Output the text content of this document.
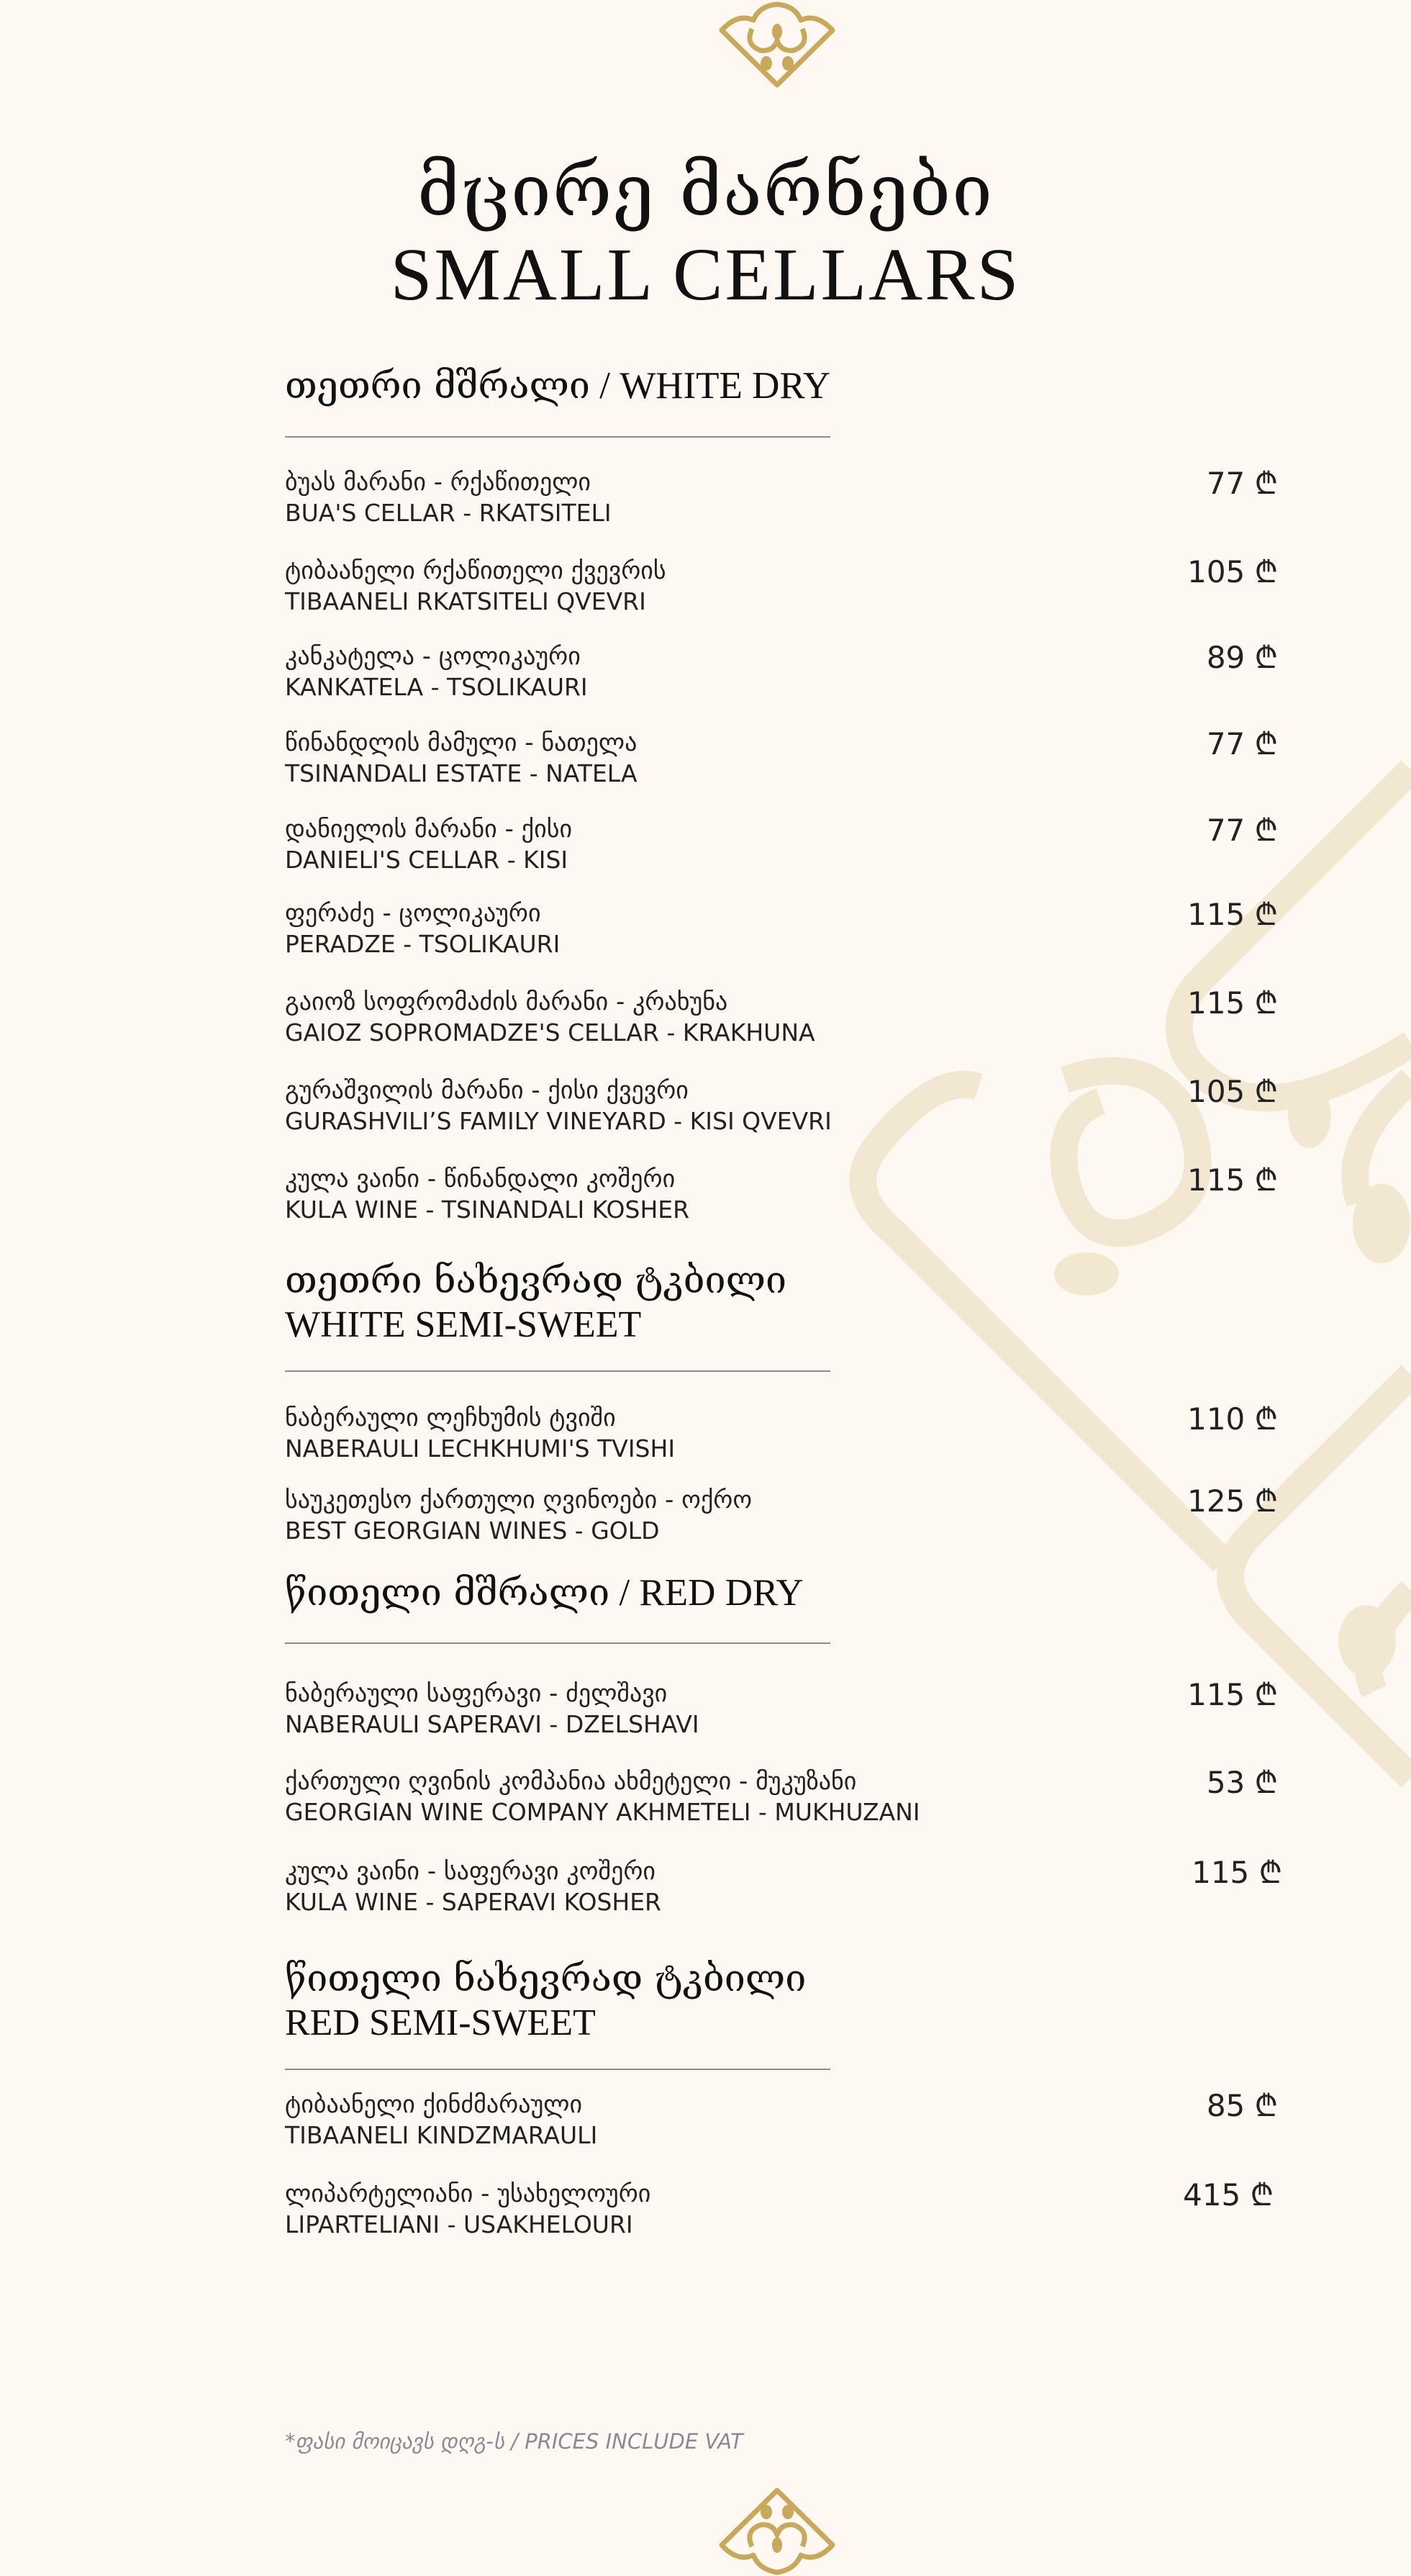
მცირე მარნები
SMALL CELLARS
თეთრი მშრალი / WHITE DRY
ბუას მარანი - რქაწითელი
BUA'S CELLAR - RKATSITELI
77 ₾
ტიბაანელი რქაწითელი ქვევრის
TIBAANELI RKATSITELI QVEVRI
105 ₾
კანკატელა - ცოლიკაური
KANKATELA - TSOLIKAURI
89 ₾
წინანდლის მამული - ნათელა
TSINANDALI ESTATE - NATELA
77 ₾
დანიელის მარანი - ქისი
DANIELI'S CELLAR - KISI
77 ₾
ფერაძე - ცოლიკაური
PERADZE - TSOLIKAURI
115 ₾
გაიოზ სოფრომაძის მარანი - კრახუნა
GAIOZ SOPROMADZE'S CELLAR - KRAKHUNA
115 ₾
გურაშვილის მარანი - ქისი ქვევრი
GURASHVILI’S FAMILY VINEYARD - KISI QVEVRI
105 ₾
კულა ვაინი - წინანდალი კოშერი
KULA WINE - TSINANDALI KOSHER
115 ₾
თეთრი ნახევრად ტკბილი
WHITE SEMI-SWEET
ნაბერაული ლეჩხუმის ტვიში
NABERAULI LECHKHUMI'S TVISHI
110 ₾
საუკეთესო ქართული ღვინოები - ოქრო
BEST GEORGIAN WINES - GOLD
125 ₾
წითელი მშრალი / RED DRY
ნაბერაული საფერავი - ძელშავი
NABERAULI SAPERAVI - DZELSHAVI
115 ₾
ქართული ღვინის კომპანია ახმეტელი - მუკუზანი
GEORGIAN WINE COMPANY AKHMETELI - MUKHUZANI
53 ₾
კულა ვაინი - საფერავი კოშერი
KULA WINE - SAPERAVI KOSHER
115 ₾
წითელი ნახევრად ტკბილი
RED SEMI-SWEET
ტიბაანელი ქინძმარაული
TIBAANELI KINDZMARAULI
85 ₾
ლიპარტელიანი - უსახელოური
LIPARTELIANI - USAKHELOURI
415 ₾
*ფასი მოიცავს დღგ-ს / PRICES INCLUDE VAT
